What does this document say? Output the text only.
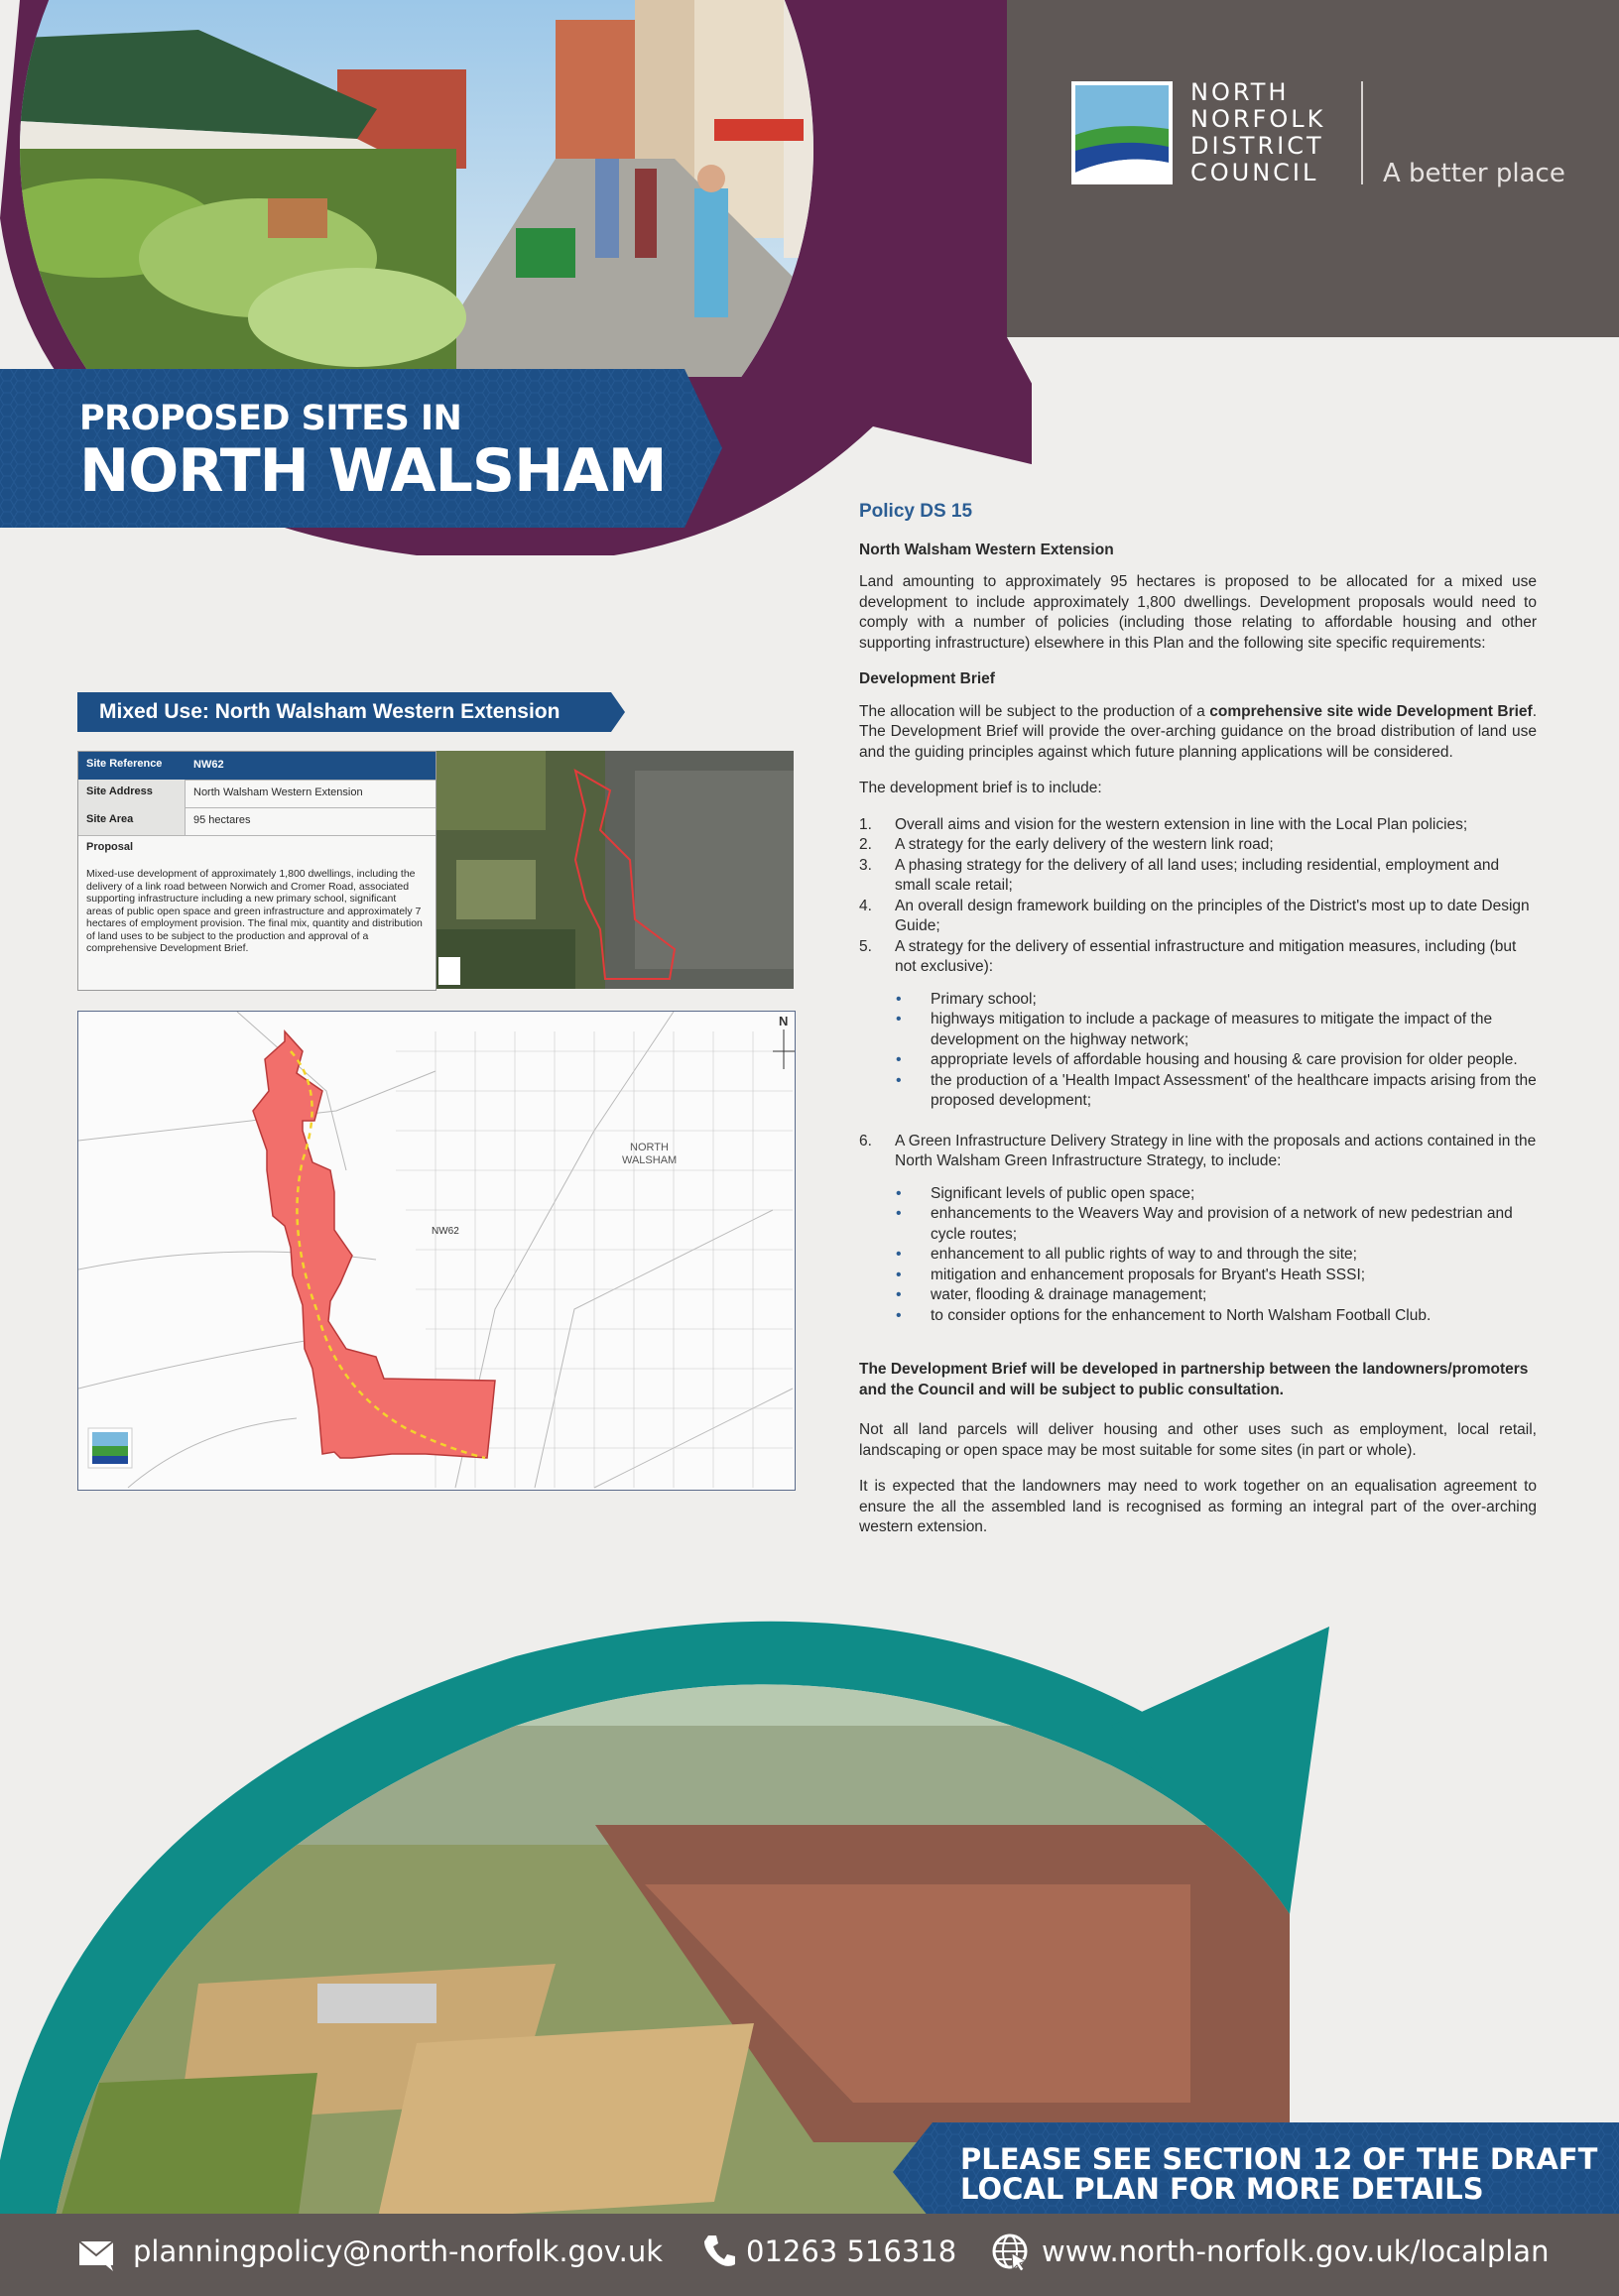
NORTH
NORFOLK
DISTRICT
COUNCIL A better place
PROPOSED SITES IN
NORTH WALSHAM
Mixed Use: North Walsham Western Extension
Site Reference	NW62
Site Address	North Walsham Western Extension
Site Area	95 hectares
Proposal
Mixed-use development of approximately 1,800 dwellings, including the delivery of a link road between Norwich and Cromer Road, associated supporting infrastructure including a new primary school, significant areas of public open space and green infrastructure and approximately 7 hectares of employment provision. The final mix, quantity and distribution of land uses to be subject to the production and approval of a comprehensive Development Brief.
NORTH
WALSHAM
NW62
N
Policy DS 15
North Walsham Western Extension
Land amounting to approximately 95 hectares is proposed to be allocated for a mixed use development to include approximately 1,800 dwellings. Development proposals would need to comply with a number of policies (including those relating to affordable housing and other supporting infrastructure) elsewhere in this Plan and the following site specific requirements:
Development Brief
The allocation will be subject to the production of a comprehensive site wide Development Brief. The Development Brief will provide the over-arching guidance on the broad distribution of land use and the guiding principles against which future planning applications will be considered.
The development brief is to include:
1. Overall aims and vision for the western extension in line with the Local Plan policies;
2. A strategy for the early delivery of the western link road;
3. A phasing strategy for the delivery of all land uses; including residential, employment and small scale retail;
4. An overall design framework building on the principles of the District's most up to date Design Guide;
5. A strategy for the delivery of essential infrastructure and mitigation measures, including (but not exclusive):
• Primary school;
• highways mitigation to include a package of measures to mitigate the impact of the development on the highway network;
• appropriate levels of affordable housing and housing & care provision for older people.
• the production of a 'Health Impact Assessment' of the healthcare impacts arising from the proposed development;
6. A Green Infrastructure Delivery Strategy in line with the proposals and actions contained in the North Walsham Green Infrastructure Strategy, to include:
• Significant levels of public open space;
• enhancements to the Weavers Way and provision of a network of new pedestrian and cycle routes;
• enhancement to all public rights of way to and through the site;
• mitigation and enhancement proposals for Bryant's Heath SSSI;
• water, flooding & drainage management;
• to consider options for the enhancement to North Walsham Football Club.
The Development Brief will be developed in partnership between the landowners/promoters and the Council and will be subject to public consultation.
Not all land parcels will deliver housing and other uses such as employment, local retail, landscaping or open space may be most suitable for some sites (in part or whole).
It is expected that the landowners may need to work together on an equalisation agreement to ensure the all the assembled land is recognised as forming an integral part of the over-arching western extension.
PLEASE SEE SECTION 12 OF THE DRAFT
LOCAL PLAN FOR MORE DETAILS
planningpolicy@north-norfolk.gov.uk	01263 516318	www.north-norfolk.gov.uk/localplan
